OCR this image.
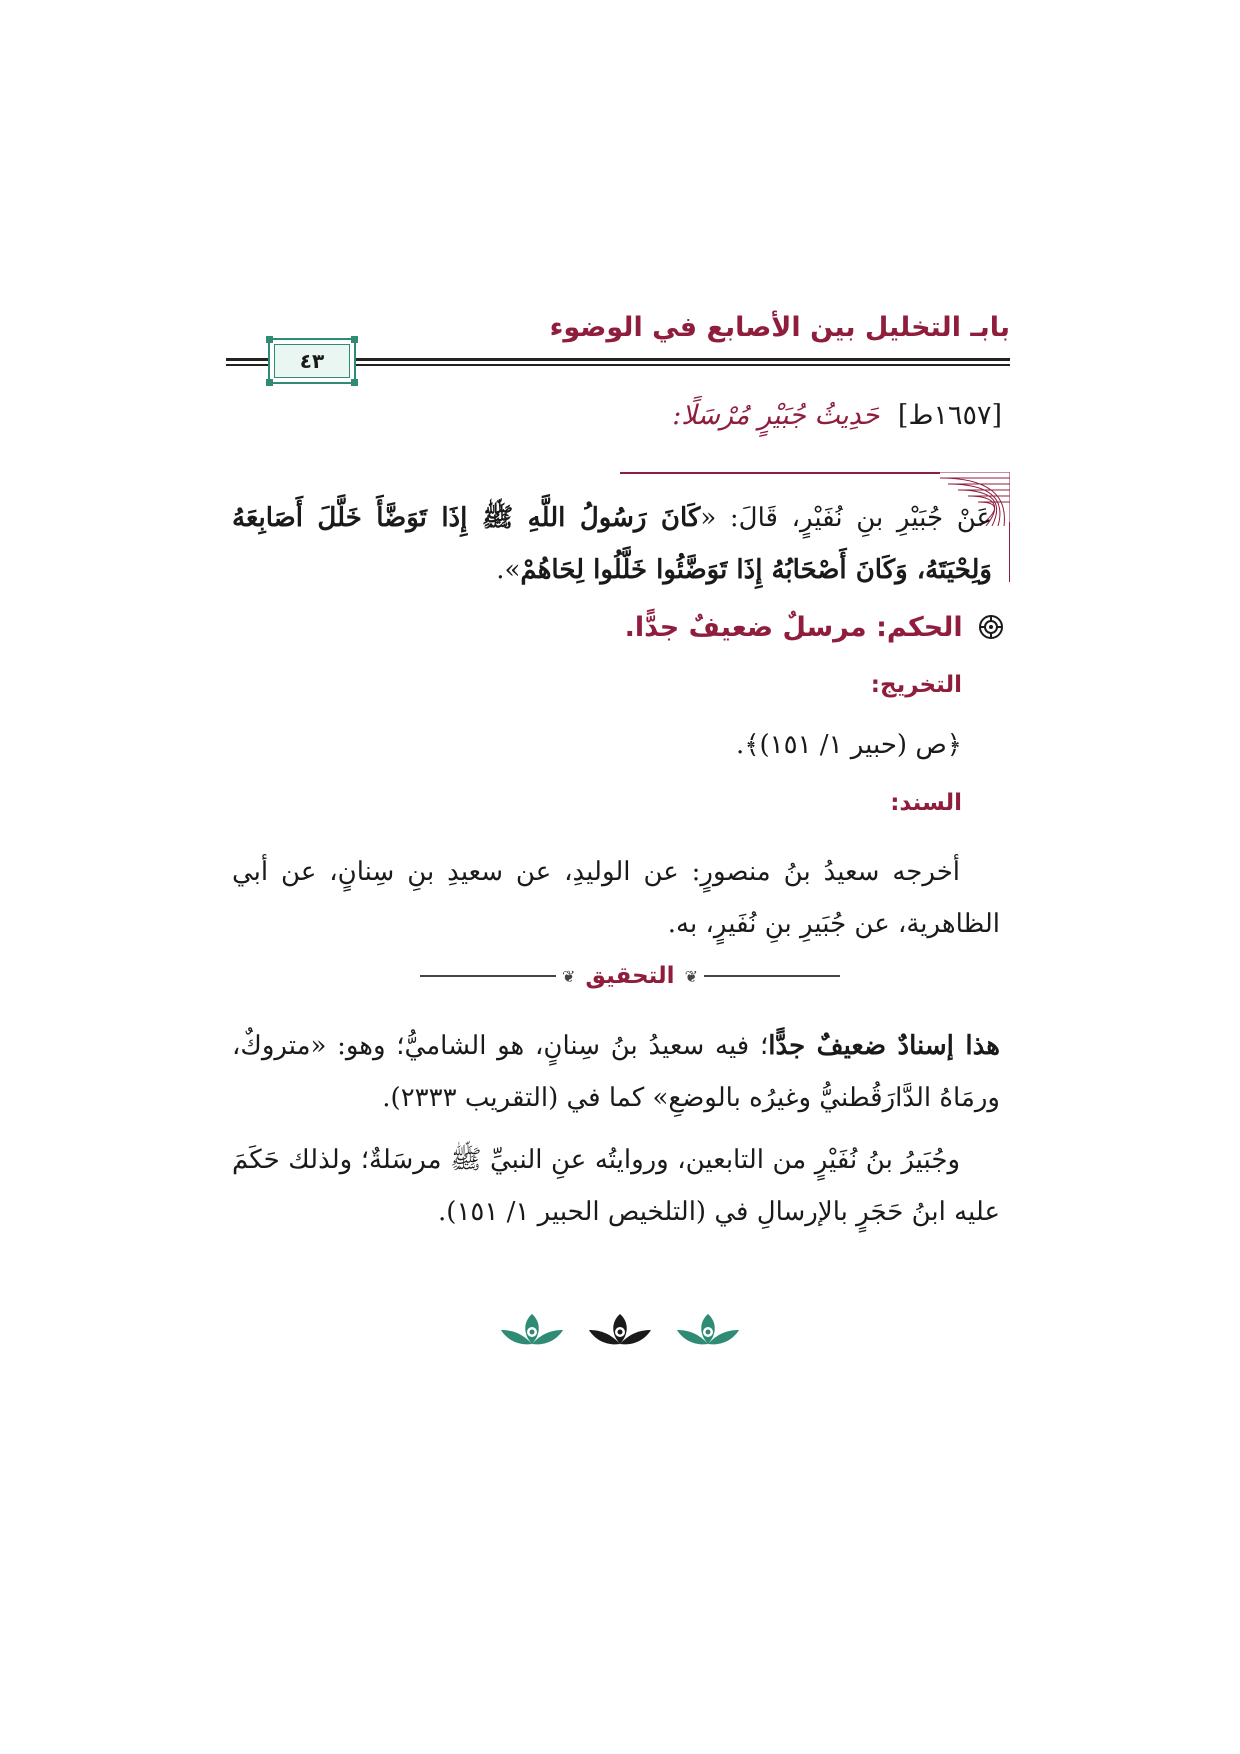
بابـ التخليل بين الأصابع في الوضوء
٤٣
[١٦٥٧ط] حَدِيثُ جُبَيْرٍ مُرْسَلًا:
عَنْ جُبَيْرِ بنِ نُفَيْرٍ، قَالَ: «كَانَ رَسُولُ اللَّهِ ﷺ إِذَا تَوَضَّأَ خَلَّلَ أَصَابِعَهُ وَلِحْيَتَهُ، وَكَانَ أَصْحَابُهُ إِذَا تَوَضَّئُوا خَلَّلُوا لِحَاهُمْ».
الحكم: مرسلٌ ضعيفٌ جدًّا.
التخريج:
﴿ص (حبير ١/ ١٥١)﴾.
السند:
أخرجه سعيدُ بنُ منصورٍ: عن الوليدِ، عن سعيدِ بنِ سِنانٍ، عن أبي الظاهرية، عن جُبَيرِ بنِ نُفَيرٍ، به.
❦
التحقيق
❦
هذا إسنادٌ ضعيفٌ جدًّا؛ فيه سعيدُ بنُ سِنانٍ، هو الشاميُّ؛ وهو: «متروكٌ، ورمَاهُ الدَّارَقُطنيُّ وغيرُه بالوضعِ» كما في (التقريب ٢٣٣٣).
وجُبَيرُ بنُ نُفَيْرٍ من التابعين، وروايتُه عنِ النبيِّ ﷺ مرسَلةٌ؛ ولذلك حَكَمَ عليه ابنُ حَجَرٍ بالإرسالِ في (التلخيص الحبير ١/ ١٥١).
